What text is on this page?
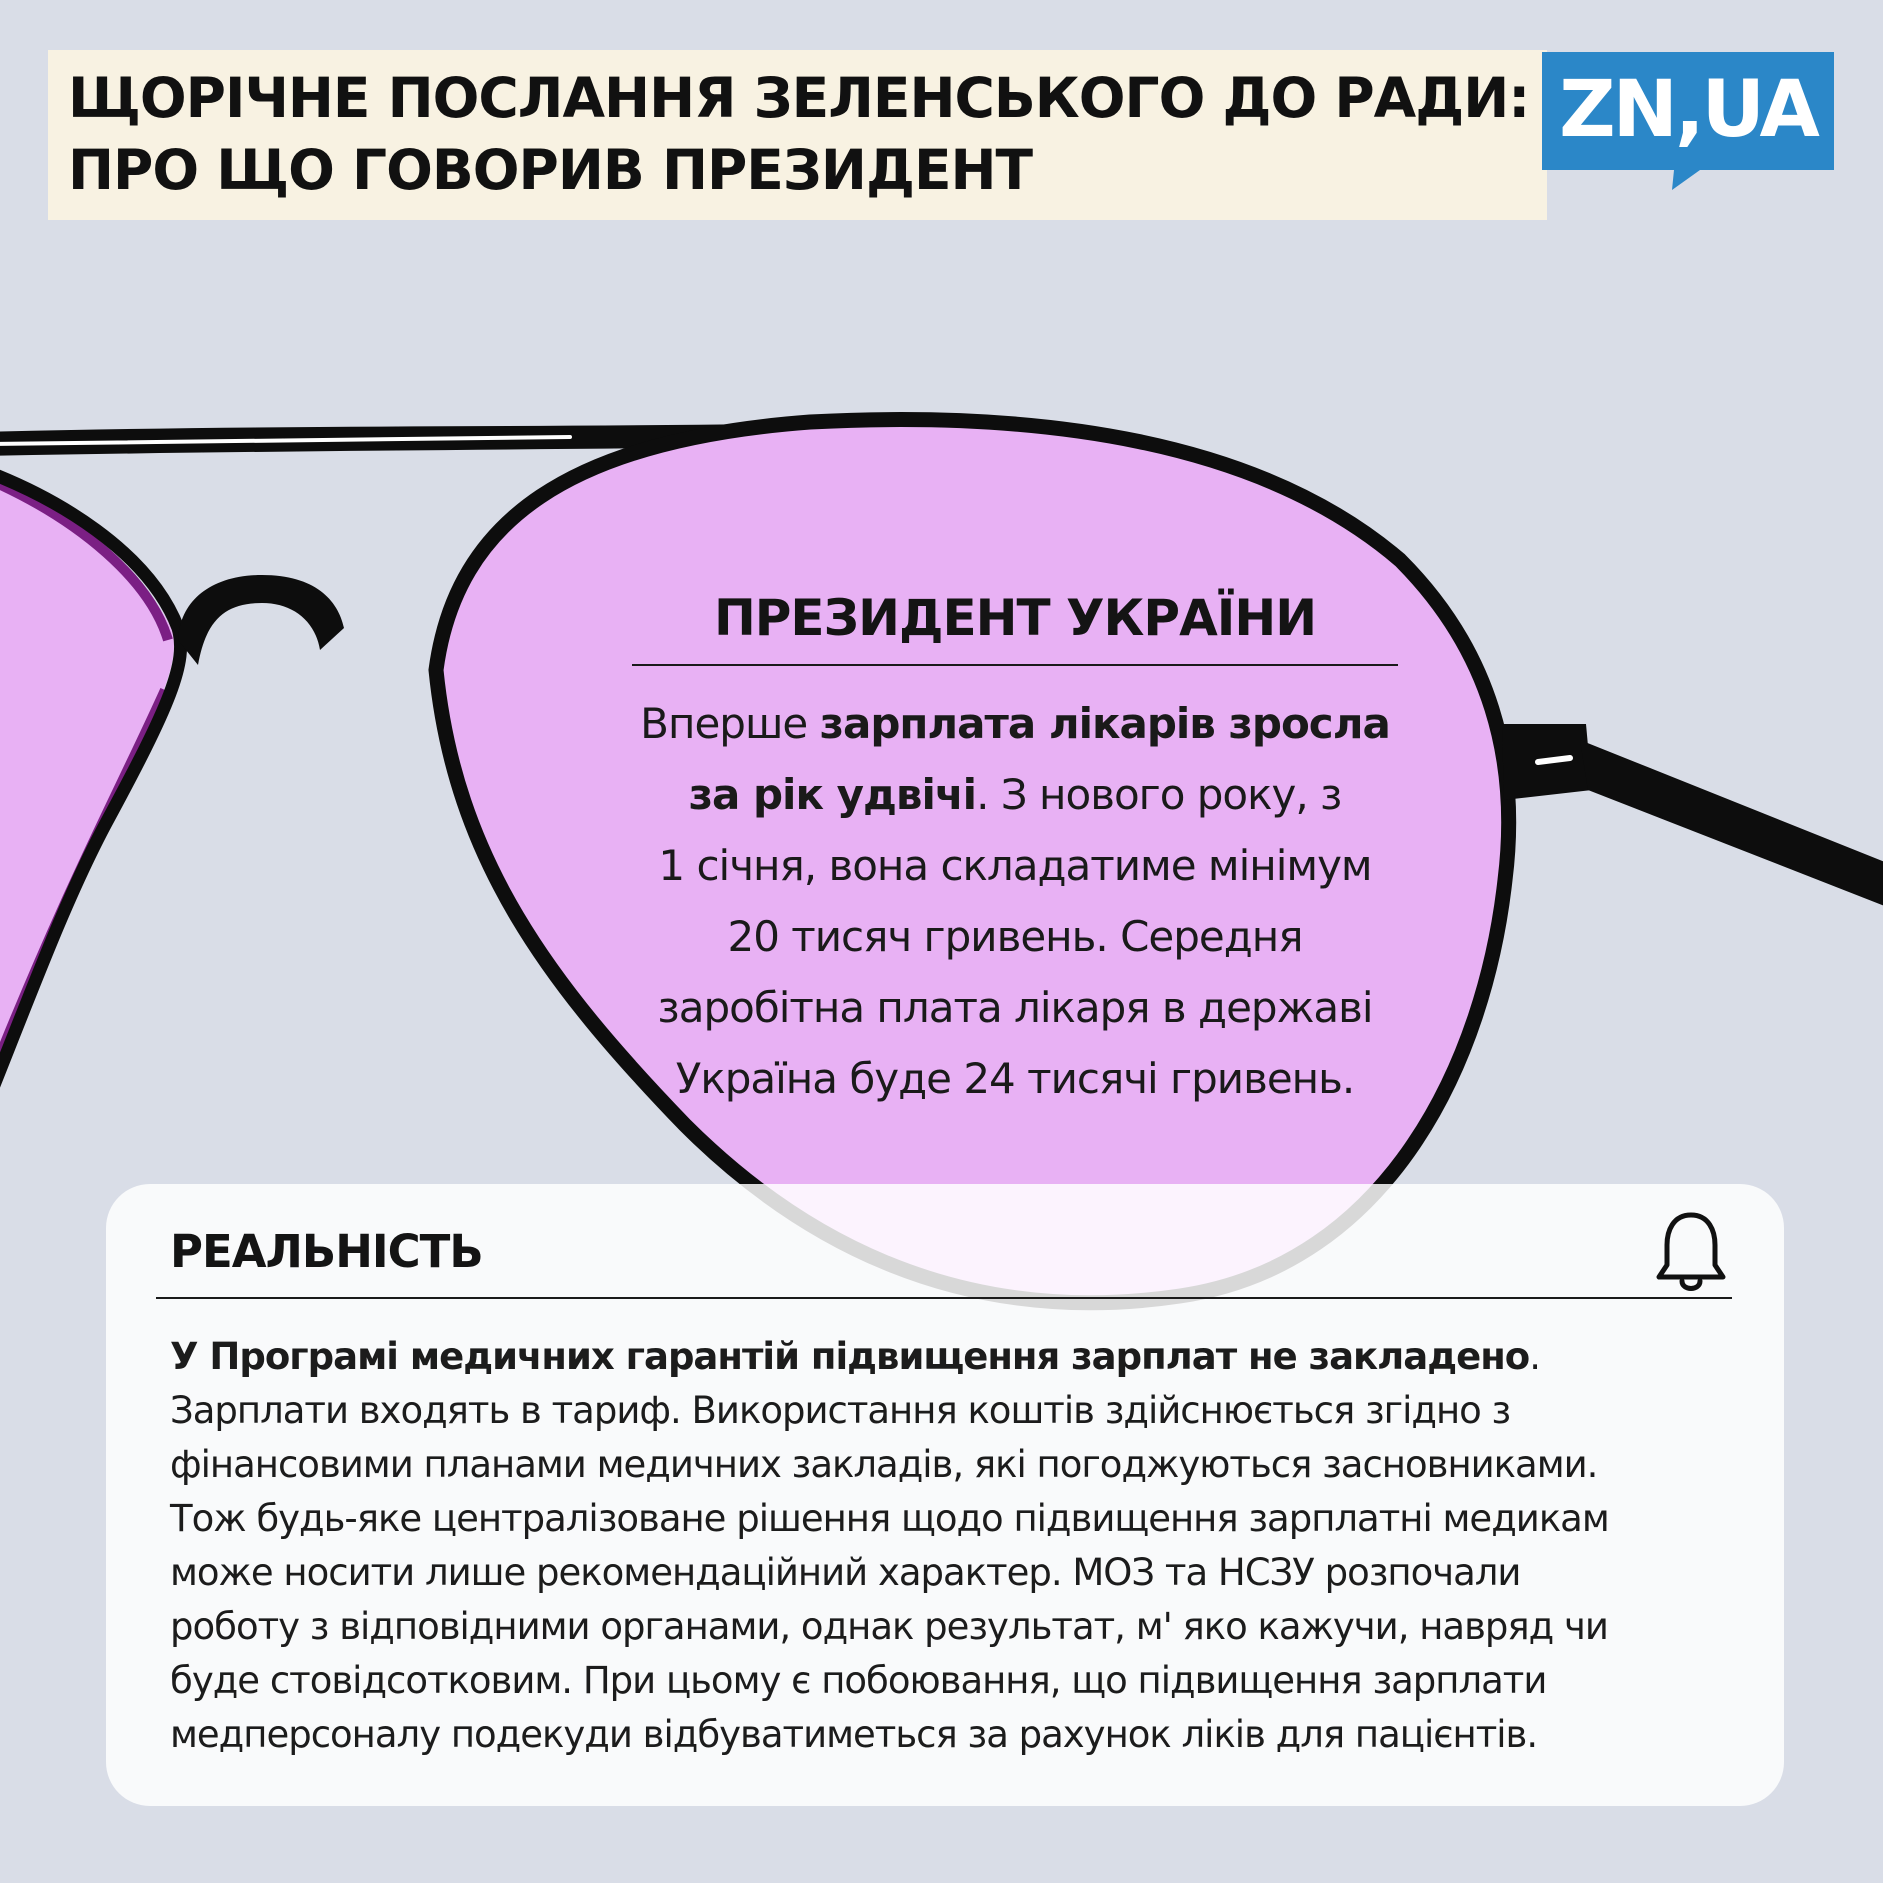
ЩОРІЧНЕ ПОСЛАННЯ ЗЕЛЕНСЬКОГО ДО РАДИ:
ПРО ЩО ГОВОРИВ ПРЕЗИДЕНТ
ZN,UA
ПРЕЗИДЕНТ УКРАЇНИ
Вперше зарплата лікарів зросла
за рік удвічі. З нового року, з
1 січня, вона складатиме мінімум
20 тисяч гривень. Середня
заробітна плата лікаря в державі
Україна буде 24 тисячі гривень.
РЕАЛЬНІСТЬ
У Програмі медичних гарантій підвищення зарплат не закладено.
Зарплати входять в тариф. Використання коштів здійснюється згідно з
фінансовими планами медичних закладів, які погоджуються засновниками.
Тож будь-яке централізоване рішення щодо підвищення зарплатні медикам
може носити лише рекомендаційний характер. МОЗ та НСЗУ розпочали
роботу з відповідними органами, однак результат, м' яко кажучи, навряд чи
буде стовідсотковим. При цьому є побоювання, що підвищення зарплати
медперсоналу подекуди відбуватиметься за рахунок ліків для пацієнтів.
